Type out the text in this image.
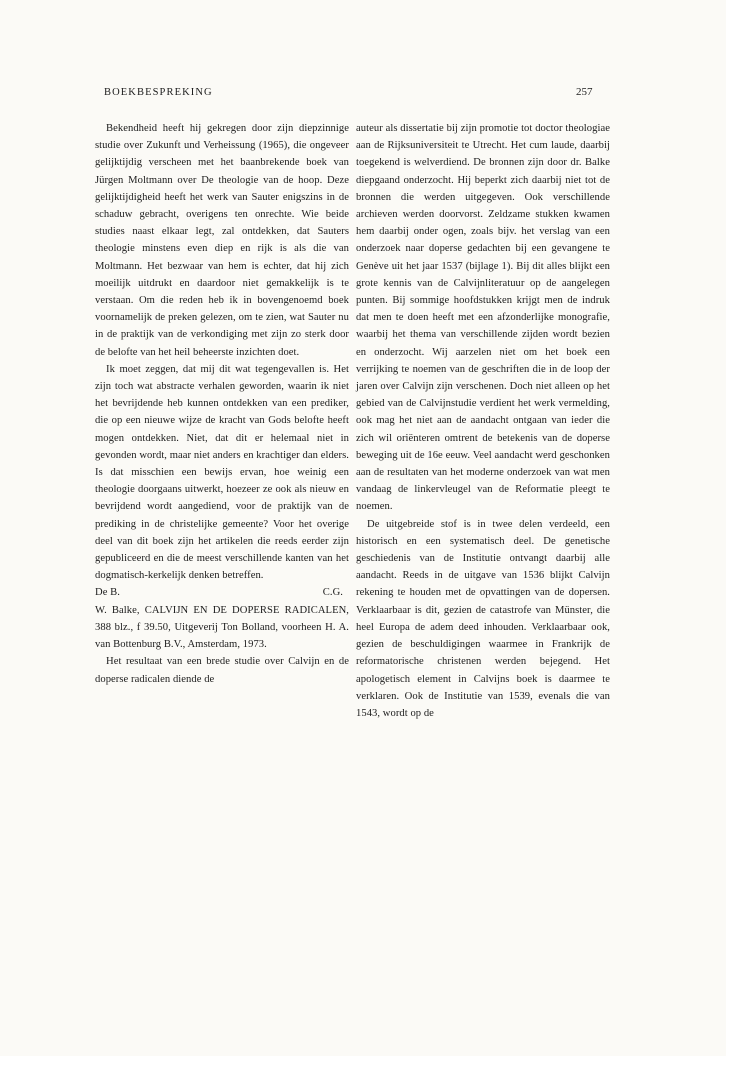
BOEKBESPREKING	257

Bekendheid heeft hij gekregen door zijn diepzinnige studie over Zukunft und Verheissung (1965), die ongeveer gelijktijdig verscheen met het baanbrekende boek van Jürgen Moltmann over De theologie van de hoop. Deze gelijktijdigheid heeft het werk van Sauter enigszins in de schaduw gebracht, overigens ten onrechte. Wie beide studies naast elkaar legt, zal ontdekken, dat Sauters theologie minstens even diep en rijk is als die van Moltmann. Het bezwaar van hem is echter, dat hij zich moeilijk uitdrukt en daardoor niet gemakkelijk is te verstaan. Om die reden heb ik in bovengenoemd boek voornamelijk de preken gelezen, om te zien, wat Sauter nu in de praktijk van de verkondiging met zijn zo sterk door de belofte van het heil beheerste inzichten doet.

Ik moet zeggen, dat mij dit wat tegengevallen is. Het zijn toch wat abstracte verhalen geworden, waarin ik niet het bevrijdende heb kunnen ontdekken van een prediker, die op een nieuwe wijze de kracht van Gods belofte heeft mogen ontdekken. Niet, dat dit er helemaal niet in gevonden wordt, maar niet anders en krachtiger dan elders. Is dat misschien een bewijs ervan, hoe weinig een theologie doorgaans uitwerkt, hoezeer ze ook als nieuw en bevrijdend wordt aangediend, voor de praktijk van de prediking in de christelijke gemeente? Voor het overige deel van dit boek zijn het artikelen die reeds eerder zijn gepubliceerd en die de meest verschillende kanten van het dogmatisch-kerkelijk denken betreffen.

De B.	C.G.

W. Balke, CALVIJN EN DE DOPERSE RADICALEN, 388 blz., f 39.50, Uitgeverij Ton Bolland, voorheen H. A. van Bottenburg B.V., Amsterdam, 1973.

Het resultaat van een brede studie over Calvijn en de doperse radicalen diende de

auteur als dissertatie bij zijn promotie tot doctor theologiae aan de Rijksuniversiteit te Utrecht. Het cum laude, daarbij toegekend is welverdiend. De bronnen zijn door dr. Balke diepgaand onderzocht. Hij beperkt zich daarbij niet tot de bronnen die werden uitgegeven. Ook verschillende archieven werden doorvorst. Zeldzame stukken kwamen hem daarbij onder ogen, zoals bijv. het verslag van een onderzoek naar doperse gedachten bij een gevangene te Genève uit het jaar 1537 (bijlage 1). Bij dit alles blijkt een grote kennis van de Calvijnliteratuur op de aangelegen punten. Bij sommige hoofdstukken krijgt men de indruk dat men te doen heeft met een afzonderlijke monografie, waarbij het thema van verschillende zijden wordt bezien en onderzocht. Wij aarzelen niet om het boek een verrijking te noemen van de geschriften die in de loop der jaren over Calvijn zijn verschenen. Doch niet alleen op het gebied van de Calvijnstudie verdient het werk vermelding, ook mag het niet aan de aandacht ontgaan van ieder die zich wil oriënteren omtrent de betekenis van de doperse beweging uit de 16e eeuw. Veel aandacht werd geschonken aan de resultaten van het moderne onderzoek van wat men vandaag de linkervleugel van de Reformatie pleegt te noemen.

De uitgebreide stof is in twee delen verdeeld, een historisch en een systematisch deel. De genetische geschiedenis van de Institutie ontvangt daarbij alle aandacht. Reeds in de uitgave van 1536 blijkt Calvijn rekening te houden met de opvattingen van de dopersen. Verklaarbaar is dit, gezien de catastrofe van Münster, die heel Europa de adem deed inhouden. Verklaarbaar ook, gezien de beschuldigingen waarmee in Frankrijk de reformatorische christenen werden bejegend. Het apologetisch element in Calvijns boek is daarmee te verklaren. Ook de Institutie van 1539, evenals die van 1543, wordt op de
